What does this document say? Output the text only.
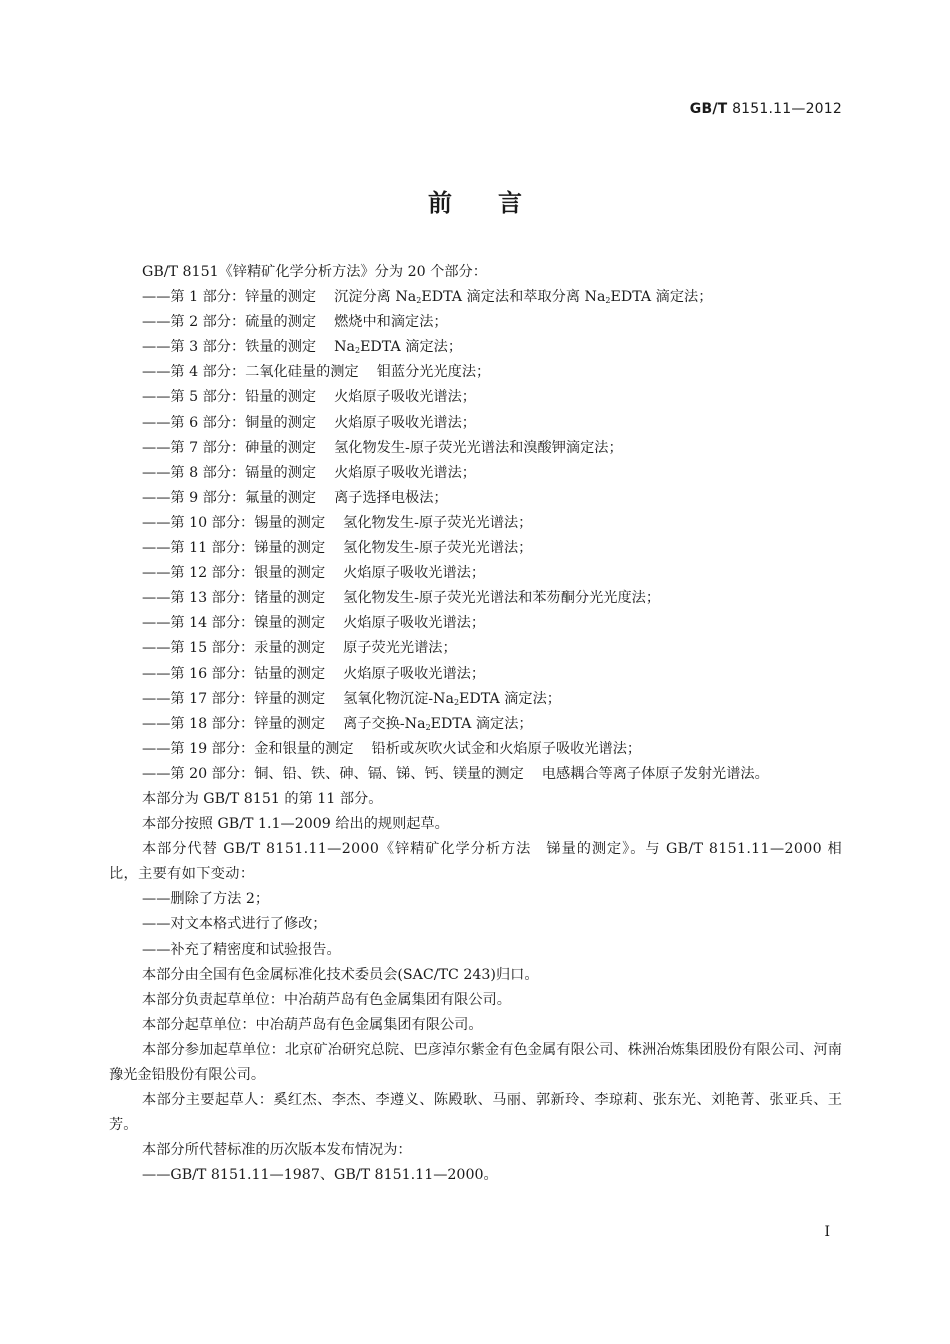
GB/T 8151.11—2012
前言

GB/T 8151《锌精矿化学分析方法》分为 20 个部分：

——第 1 部分：锌量的测定 沉淀分离 $Na_2EDTA$ 滴定法和萃取分离 $Na_2EDTA$ 滴定法；

——第 2 部分：硫量的测定 燃烧中和滴定法；

——第 3 部分：铁量的测定 $Na_2EDTA$ 滴定法；

——第 4 部分：二氧化硅量的测定 钼蓝分光光度法；

——第 5 部分：铅量的测定 火焰原子吸收光谱法；

——第 6 部分：铜量的测定 火焰原子吸收光谱法；

——第 7 部分：砷量的测定 氢化物发生-原子荧光光谱法和溴酸钾滴定法；

——第 8 部分：镉量的测定 火焰原子吸收光谱法；

——第 9 部分：氟量的测定 离子选择电极法；

——第 10 部分：锡量的测定 氢化物发生-原子荧光光谱法；

——第 11 部分：锑量的测定 氢化物发生-原子荧光光谱法；

——第 12 部分：银量的测定 火焰原子吸收光谱法；

——第 13 部分：锗量的测定 氢化物发生-原子荧光光谱法和苯芴酮分光光度法；

——第 14 部分：镍量的测定 火焰原子吸收光谱法；

——第 15 部分：汞量的测定 原子荧光光谱法；

——第 16 部分：钴量的测定 火焰原子吸收光谱法；

——第 17 部分：锌量的测定 氢氧化物沉淀$-Na_2EDTA$ 滴定法；

——第 18 部分：锌量的测定 离子交换$-Na_2EDTA$ 滴定法；

——第 19 部分：金和银量的测定 铅析或灰吹火试金和火焰原子吸收光谱法；

——第 20 部分：铜、铅、铁、砷、镉、锑、钙、镁量的测定 电感耦合等离子体原子发射光谱法。

本部分为 GB/T 8151 的第 11 部分。

本部分按照 GB/T 1.1—2009 给出的规则起草。

本部分代替 GB/T 8151.11—2000《锌精矿化学分析方法　锑量的测定》。与 GB/T 8151.11—2000 相比，主要有如下变动：

——删除了方法 2；

——对文本格式进行了修改；

——补充了精密度和试验报告。

本部分由全国有色金属标准化技术委员会(SAC/TC 243)归口。

本部分负责起草单位：中冶葫芦岛有色金属集团有限公司。

本部分起草单位：中冶葫芦岛有色金属集团有限公司。

本部分参加起草单位：北京矿冶研究总院、巴彦淖尔紫金有色金属有限公司、株洲冶炼集团股份有限公司、河南豫光金铅股份有限公司。

本部分主要起草人：奚红杰、李杰、李遵义、陈殿耿、马丽、郭新玲、李琼莉、张东光、刘艳菁、张亚兵、王芳。

本部分所代替标准的历次版本发布情况为：

——GB/T 8151.11—1987、GB/T 8151.11—2000。

I
